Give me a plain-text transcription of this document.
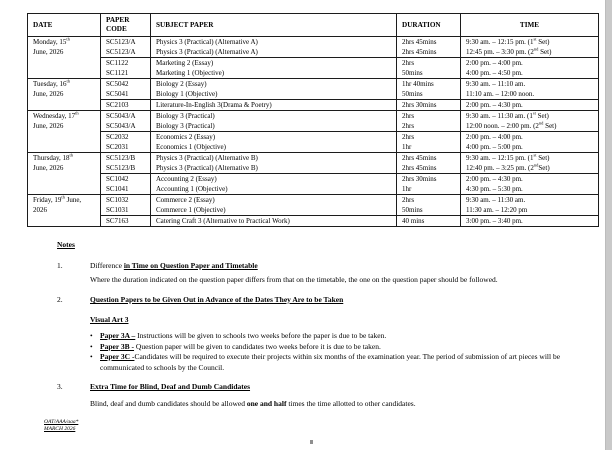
DATE	PAPER CODE	SUBJECT PAPER	DURATION	TIME
Monday, 15th
June, 2026	SC5123/A	Physics 3 (Practical) (Alternative A)	2hrs 45mins	9:30 am. – 12:15 pm. (1st Set)
	SC5123/A	Physics 3 (Practical) (Alternative A)	2hrs 45mins	12:45 pm. – 3:30 pm. (2nd Set)
	SC1122	Marketing 2 (Essay)	2hrs	2:00 pm. – 4:00 pm.
	SC1121	Marketing 1 (Objective)	50mins	4:00 pm. – 4:50 pm.
Tuesday, 16th
June, 2026	SC5042	Biology 2 (Essay)	1hr 40mins	9:30 am. – 11:10 am.
	SC5041	Biology 1 (Objective)	50mins	11:10 am. – 12:00 noon.
	SC2103	Literature-In-English 3(Drama & Poetry)	2hrs 30mins	2:00 pm. – 4:30 pm.
Wednesday, 17th
June, 2026	SC5043/A	Biology 3 (Practical)	2hrs	9:30 am. – 11:30 am. (1st Set)
	SC5043/A	Biology 3 (Practical)	2hrs	12:00 noon. – 2:00 pm. (2nd Set)
	SC2032	Economics 2 (Essay)	2hrs	2:00 pm. – 4:00 pm.
	SC2031	Economics 1 (Objective)	1hr	4:00 pm. – 5:00 pm.
Thursday, 18th
June, 2026	SC5123/B	Physics 3 (Practical) (Alternative B)	2hrs 45mins	9:30 am. – 12:15 pm. (1st Set)
	SC5123/B	Physics 3 (Practical) (Alternative B)	2hrs 45mins	12:40 pm. – 3:25 pm. (2ndSet)
	SC1042	Accounting 2 (Essay)	2hrs 30mins	2:00 pm. – 4:30 pm.
	SC1041	Accounting 1 (Objective)	1hr	4:30 pm. – 5:30 pm.
Friday, 19th June,
2026	SC1032	Commerce 2 (Essay)	2hrs	9:30 am. – 11:30 am.
	SC1031	Commerce 1 (Objective)	50mins	11:30 am. – 12:20 pm
	SC7163	Catering Craft 3 (Alternative to Practical Work)	40 mins	3:00 pm. – 3:40 pm.
Notes
1.	Difference in Time on Question Paper and Timetable
Where the duration indicated on the question paper differs from that on the timetable, the one on the question paper should be followed.
2.	Question Papers to be Given Out in Advance of the Dates They Are to be Taken
Visual Art 3
• Paper 3A – Instructions will be given to schools two weeks before the paper is due to be taken.
• Paper 3B - Question paper will be given to candidates two weeks before it is due to be taken.
• Paper 3C -Candidates will be required to execute their projects within six months of the examination year. The period of submission of art pieces will be communicated to schools by the Council.
3.	Extra Time for Blind, Deaf and Dumb Candidates
Blind, deaf and dumb candidates should be allowed one and half times the time allotted to other candidates.
OAT/AAA/aaa*
MARCH 2026
